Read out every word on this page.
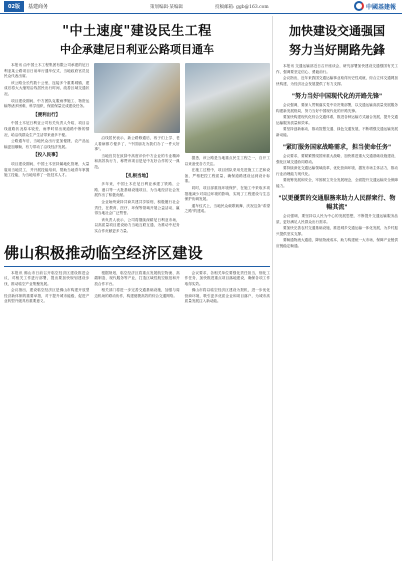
02版	基建商务	策划编辑·某编辑	投稿邮箱: ggb@163.com	中國基建報
"中土速度"建设民生工程
中企承建尼日利亚公路项目通车

本报讯 由中国土木工程集团有限公司承建的尼日利亚某公路项目日前举行通车仪式，当地政府官员及民众代表出席。

该公路全长约数十公里，连接多个重要城镇，建成后将大大缩短沿线居民出行时间，改善区域交通状况。

项目建设期间，中方团队克服雨季施工、物资运输等诸多困难，科学组织，保质保量完成建设任务。

【便利出行】

中国土木尼日利亚公司有关负责人介绍，项目沿线道路状况原本较差，雨季时常出现道路中断的情况，给沿线群众生产生活带来诸多不便。

公路通车后，当地民众出行更加便捷，农产品运输更加顺畅，有力带动了沿线经济发展。

【投入民事】

项目建设期间，中国土木坚持属地化管理，大量雇用当地员工，并开展技能培训，帮助当地青年掌握施工技能，为当地培养了一批技术人才。

沿线居民表示，新公路修通后，孩子们上学、老人看病都方便多了，"中国朋友为我们办了一件大好事"。

当地官员在致辞中高度评价中方企业的专业精神和高效执行力，称赞该项目是尼中友好合作的又一典范。

【扎根当地】

多年来，中国土木在尼日利亚承建了铁路、公路、港口等一大批基础设施项目，为当地经济社会发展作出了积极贡献。

企业始终秉持共商共建共享原则，积极履行社会责任，在教育、医疗、环保等领域开展公益活动，赢得当地社会广泛赞誉。

该负责人表示，公司将继续深耕尼日利亚市场，以高质量项目建设助力当地互联互通，为推动中尼务实合作贡献更多力量。

据悉，该公路是当地重点民生工程之一，自开工以来备受各方关注。

在施工过程中，项目团队采用先进施工工艺和设备，严格把控工程质量，确保道路建设达到设计标准。

同时，项目部重视环境保护，在施工中采取多项措施减少对周边环境的影响，实现了工程建设与生态保护协调发展。

通车仪式上，当地民众载歌载舞，庆祝这条"希望之路"的建成。

佛山积极推动临空经济区建设

本报讯 佛山市日前召开临空经济区建设推进会议，对相关工作进行部署，提出要加快规划建设步伐，推动临空产业集聚发展。

会议指出，建设临空经济区是佛山市构建开放型经济新体制的重要举措，对于提升城市能级、促进产业转型升级具有重要意义。

根据规划，临空经济区将重点发展航空物流、高端制造、现代服务等产业，打造区域性航空枢纽和开放合作平台。

相关部门将进一步完善交通基础设施，加强与周边机场的联动协作，构建便捷高效的综合交通网络。

会议要求，各相关单位要强化责任担当，细化工作任务，加快推进重点项目落地建设，确保各项工作取得实效。

佛山市将以临空经济区建设为契机，进一步优化营商环境，吸引更多优质企业和项目落户，为城市高质量发展注入新动能。

加快建设交通强国
努力当好開路先鋒

本报讯 交通运输部近日召开座谈会，研究部署加快建设交通强国有关工作，强调要坚定信心、勇毅前行。

会议指出，近年来我国交通运输事业取得历史性成就，综合立体交通网加快构建，为经济社会发展提供了有力支撑。

"努力当好中国现代化的开路先锋"

会议强调，要深入贯彻落实党中央决策部署，以交通运输高质量发展服务构建新发展格局，努力当好中国现代化的开路先锋。

要加快构建现代化综合交通体系，推进各种运输方式融合发展，提升交通运输服务质量和效率。

要坚持创新驱动，推动智慧交通、绿色交通发展，不断增强交通运输发展新动能。

"紧盯服务国家战略需求，担当使命任务"

会议要求，要紧紧围绕国家重大战略，加快推进重大交通基础设施建设，强化区域交通协同联动。

要持续深化交通运输领域改革，优化营商环境，激发市场主体活力，推动行业治理能力现代化。

要统筹发展和安全，牢固树立安全发展理念，全面提升交通运输安全保障能力。

"以更優質的交通服務來助力人民群衆行、物暢其流"

会议强调，要坚持以人民为中心的发展思想，不断提升交通运输服务品质，更好满足人民群众出行需求。

要加快完善农村交通基础设施，推进城乡交通运输一体化发展，为乡村振兴提供坚实支撑。

要畅通物流大通道，降低物流成本，助力构建统一大市场，保障产业链供应链稳定畅通。
